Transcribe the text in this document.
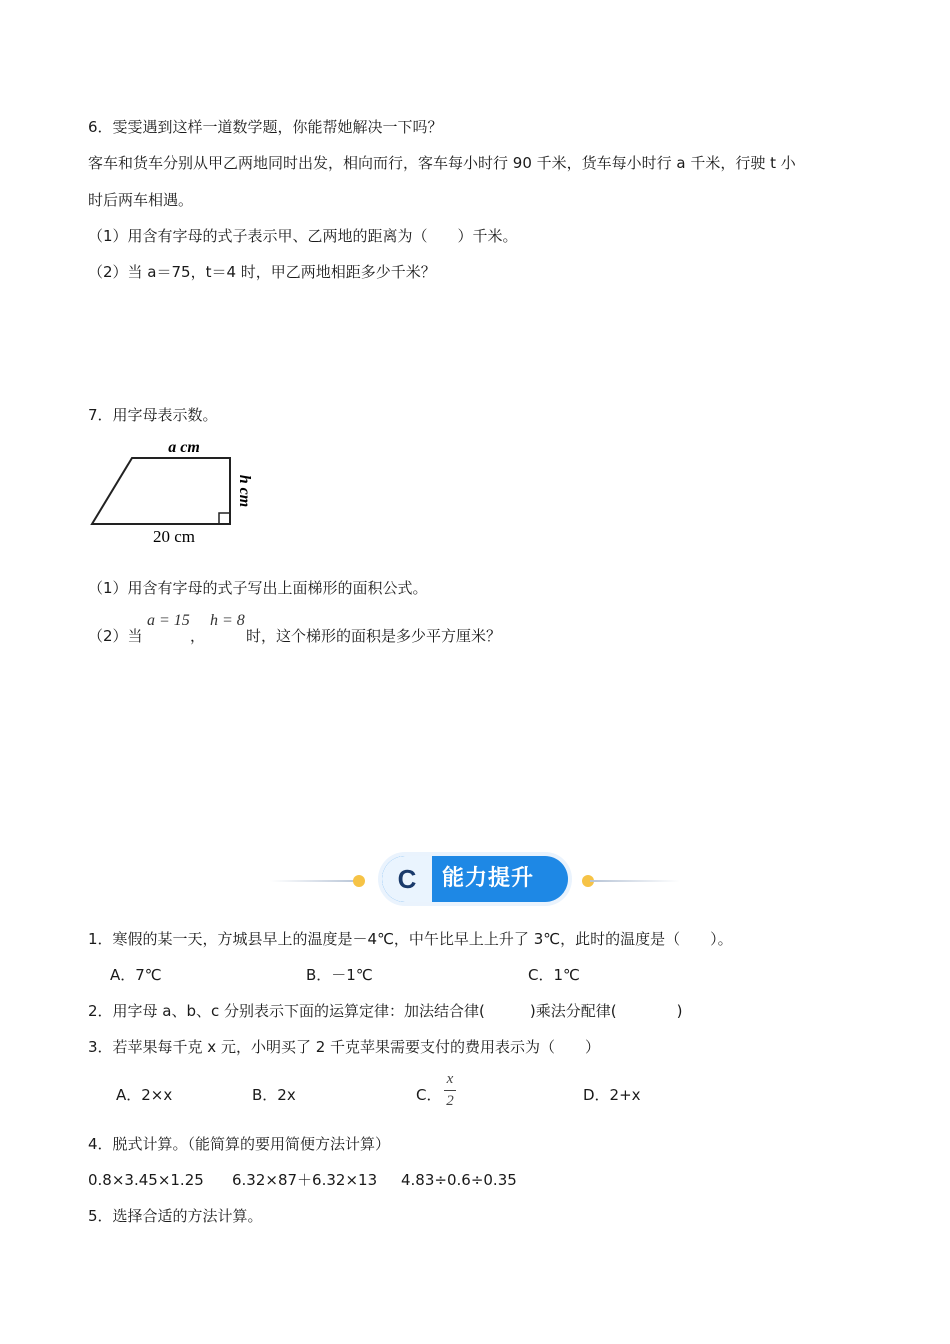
6．雯雯遇到这样一道数学题，你能帮她解决一下吗？
客车和货车分别从甲乙两地同时出发，相向而行，客车每小时行 90 千米，货车每小时行 a 千米，行驶 t 小
时后两车相遇。
（1）用含有字母的式子表示甲、乙两地的距离为（　　）千米。
（2）当 a＝75，t＝4 时，甲乙两地相距多少千米？
7．用字母表示数。
a cm
h cm
20 cm
（1）用含有字母的式子写出上面梯形的面积公式。
（2）当
a = 15
，
h = 8
时，这个梯形的面积是多少平方厘米？
C	能力提升
1．寒假的某一天，方城县早上的温度是－4℃，中午比早上上升了 3℃，此时的温度是（　　）。
A．7℃	B．－1℃	C．1℃
2．用字母 a、b、c 分别表示下面的运算定律：加法结合律(　　　)乘法分配律(　　　　)
3．若苹果每千克 x 元，小明买了 2 千克苹果需要支付的费用表示为（　　）
A．2×x	B．2x	C．
x
2	D．2+x
4．脱式计算。（能简算的要用简便方法计算）
0.8×3.45×1.25 6.32×87＋6.32×13 4.83÷0.6÷0.35
5．选择合适的方法计算。
